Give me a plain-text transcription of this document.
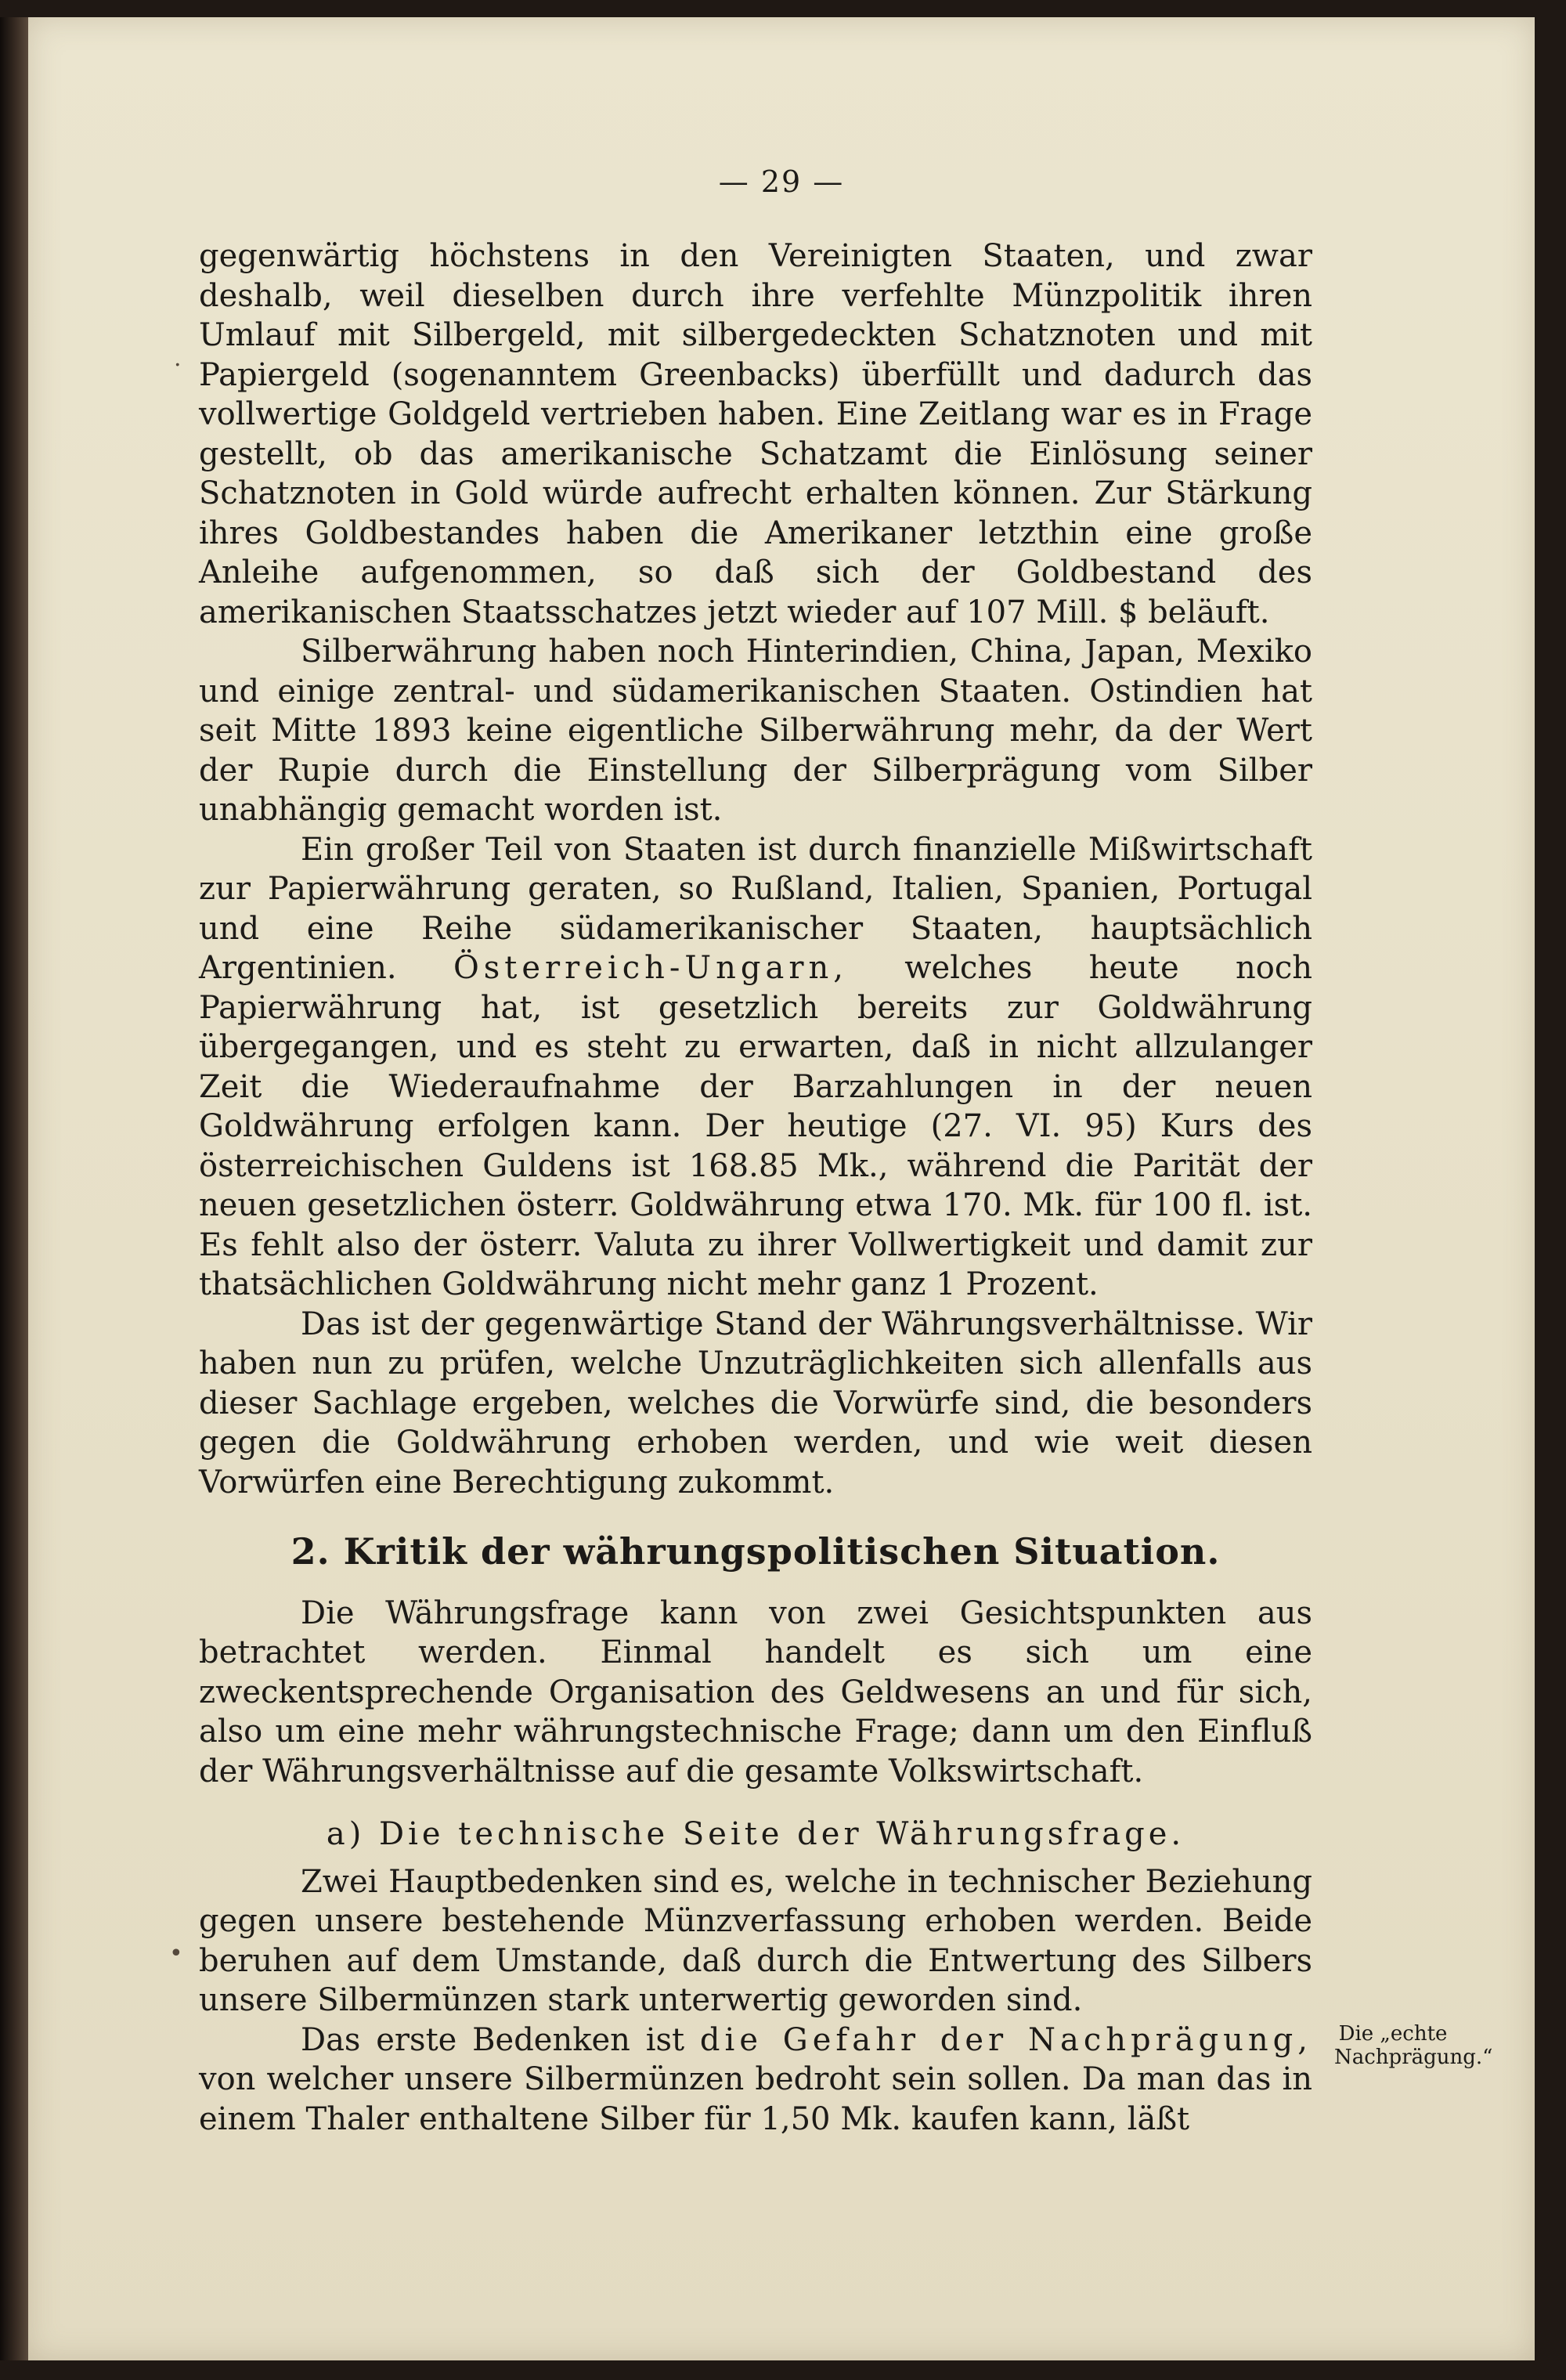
— 29 —

gegenwärtig höchstens in den Vereinigten Staaten, und zwar deshalb, weil dieselben durch ihre verfehlte Münzpolitik ihren Umlauf mit Silbergeld, mit silbergedeckten Schatznoten und mit Papiergeld (sogenanntem Greenbacks) überfüllt und dadurch das vollwertige Goldgeld vertrieben haben. Eine Zeitlang war es in Frage gestellt, ob das amerikanische Schatzamt die Einlösung seiner Schatznoten in Gold würde aufrecht erhalten können. Zur Stärkung ihres Goldbestandes haben die Amerikaner letzthin eine große Anleihe aufgenommen, so daß sich der Goldbestand des amerikanischen Staatsschatzes jetzt wieder auf 107 Mill. $ beläuft.

Silberwährung haben noch Hinterindien, China, Japan, Mexiko und einige zentral- und südamerikanischen Staaten. Ostindien hat seit Mitte 1893 keine eigentliche Silberwährung mehr, da der Wert der Rupie durch die Einstellung der Silberprägung vom Silber unabhängig gemacht worden ist.

Ein großer Teil von Staaten ist durch finanzielle Mißwirtschaft zur Papierwährung geraten, so Rußland, Italien, Spanien, Portugal und eine Reihe südamerikanischer Staaten, hauptsächlich Argentinien. Österreich-Ungarn, welches heute noch Papierwährung hat, ist gesetzlich bereits zur Goldwährung übergegangen, und es steht zu erwarten, daß in nicht allzulanger Zeit die Wiederaufnahme der Barzahlungen in der neuen Goldwährung erfolgen kann. Der heutige (27. VI. 95) Kurs des österreichischen Guldens ist 168.85 Mk., während die Parität der neuen gesetzlichen österr. Goldwährung etwa 170. Mk. für 100 fl. ist. Es fehlt also der österr. Valuta zu ihrer Vollwertigkeit und damit zur thatsächlichen Goldwährung nicht mehr ganz 1 Prozent.

Das ist der gegenwärtige Stand der Währungsverhältnisse. Wir haben nun zu prüfen, welche Unzuträglichkeiten sich allenfalls aus dieser Sachlage ergeben, welches die Vorwürfe sind, die besonders gegen die Goldwährung erhoben werden, und wie weit diesen Vorwürfen eine Berechtigung zukommt.

2. Kritik der währungspolitischen Situation.

Die Währungsfrage kann von zwei Gesichtspunkten aus betrachtet werden. Einmal handelt es sich um eine zweckentsprechende Organisation des Geldwesens an und für sich, also um eine mehr währungstechnische Frage; dann um den Einfluß der Währungsverhältnisse auf die gesamte Volkswirtschaft.

a) Die technische Seite der Währungsfrage.

Zwei Hauptbedenken sind es, welche in technischer Beziehung gegen unsere bestehende Münzverfassung erhoben werden. Beide beruhen auf dem Umstande, daß durch die Entwertung des Silbers unsere Silbermünzen stark unterwertig geworden sind.

Das erste Bedenken ist die Gefahr der Nachprägung, von welcher unsere Silbermünzen bedroht sein sollen. Da man das in einem Thaler enthaltene Silber für 1,50 Mk. kaufen kann, läßt

Die „echte Nachprägung.“
.
•
